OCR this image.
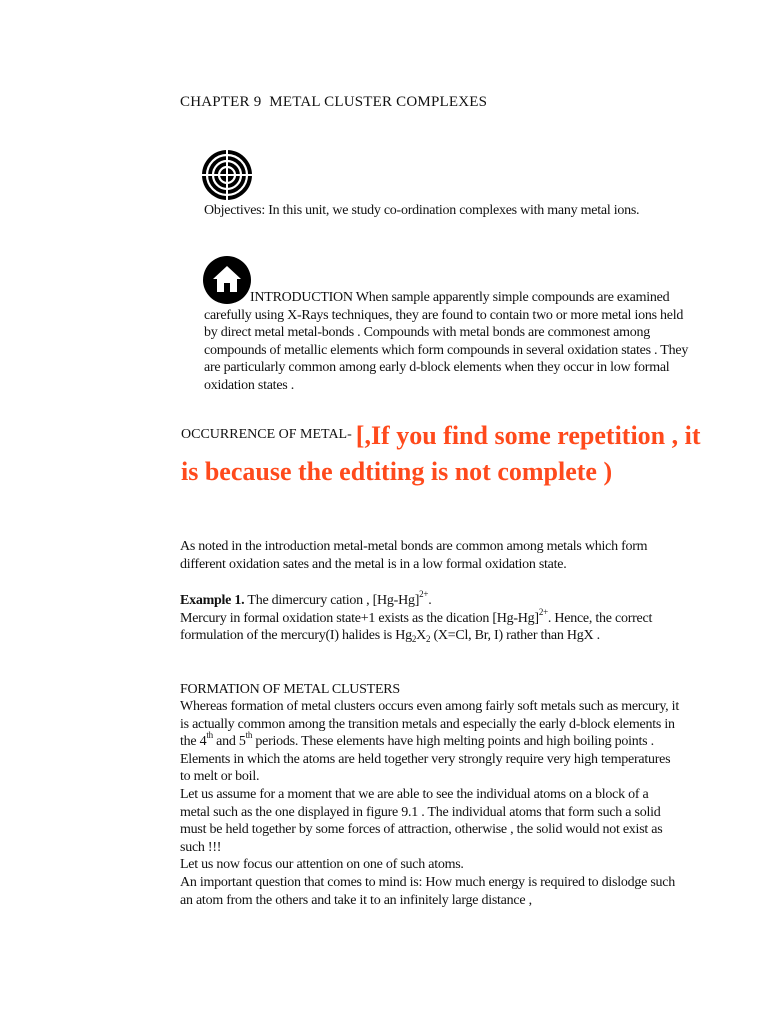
CHAPTER 9  METAL CLUSTER COMPLEXES

Objectives: In this unit, we study co-ordination complexes with many metal ions.

INTRODUCTION When sample apparently simple compounds are examined carefully using X-Rays techniques, they are found to contain two or more metal ions held by direct metal metal-bonds . Compounds with metal bonds are commonest among compounds of metallic elements which form compounds in several oxidation states . They are particularly common among early d-block elements when they occur in low formal oxidation states .

OCCURRENCE OF METAL- [,If you find some repetition , it is because the edtiting is not complete )

As noted in the introduction metal-metal bonds are common among metals which form different oxidation sates and the metal is in a low formal oxidation state.

Example 1. The dimercury cation , $[Hg-Hg]^{2+}$.
Mercury in formal oxidation state+1 exists as the dication $[Hg-Hg]^{2+}$. Hence, the correct formulation of the mercury(I) halides is $Hg_2X_2$ (X=Cl, Br, I) rather than HgX .

FORMATION OF METAL CLUSTERS

Whereas formation of metal clusters occurs even among fairly soft metals such as mercury, it is actually common among the transition metals and especially the early d-block elements in the 4th and 5th periods. These elements have high melting points and high boiling points . Elements in which the atoms are held together very strongly require very high temperatures to melt or boil.
Let us assume for a moment that we are able to see the individual atoms on a block of a metal such as the one displayed in figure 9.1 . The individual atoms that form such a solid must be held together by some forces of attraction, otherwise , the solid would not exist as such !!!
Let us now focus our attention on one of such atoms.
An important question that comes to mind is: How much energy is required to dislodge such an atom from the others and take it to an infinitely large distance ,
